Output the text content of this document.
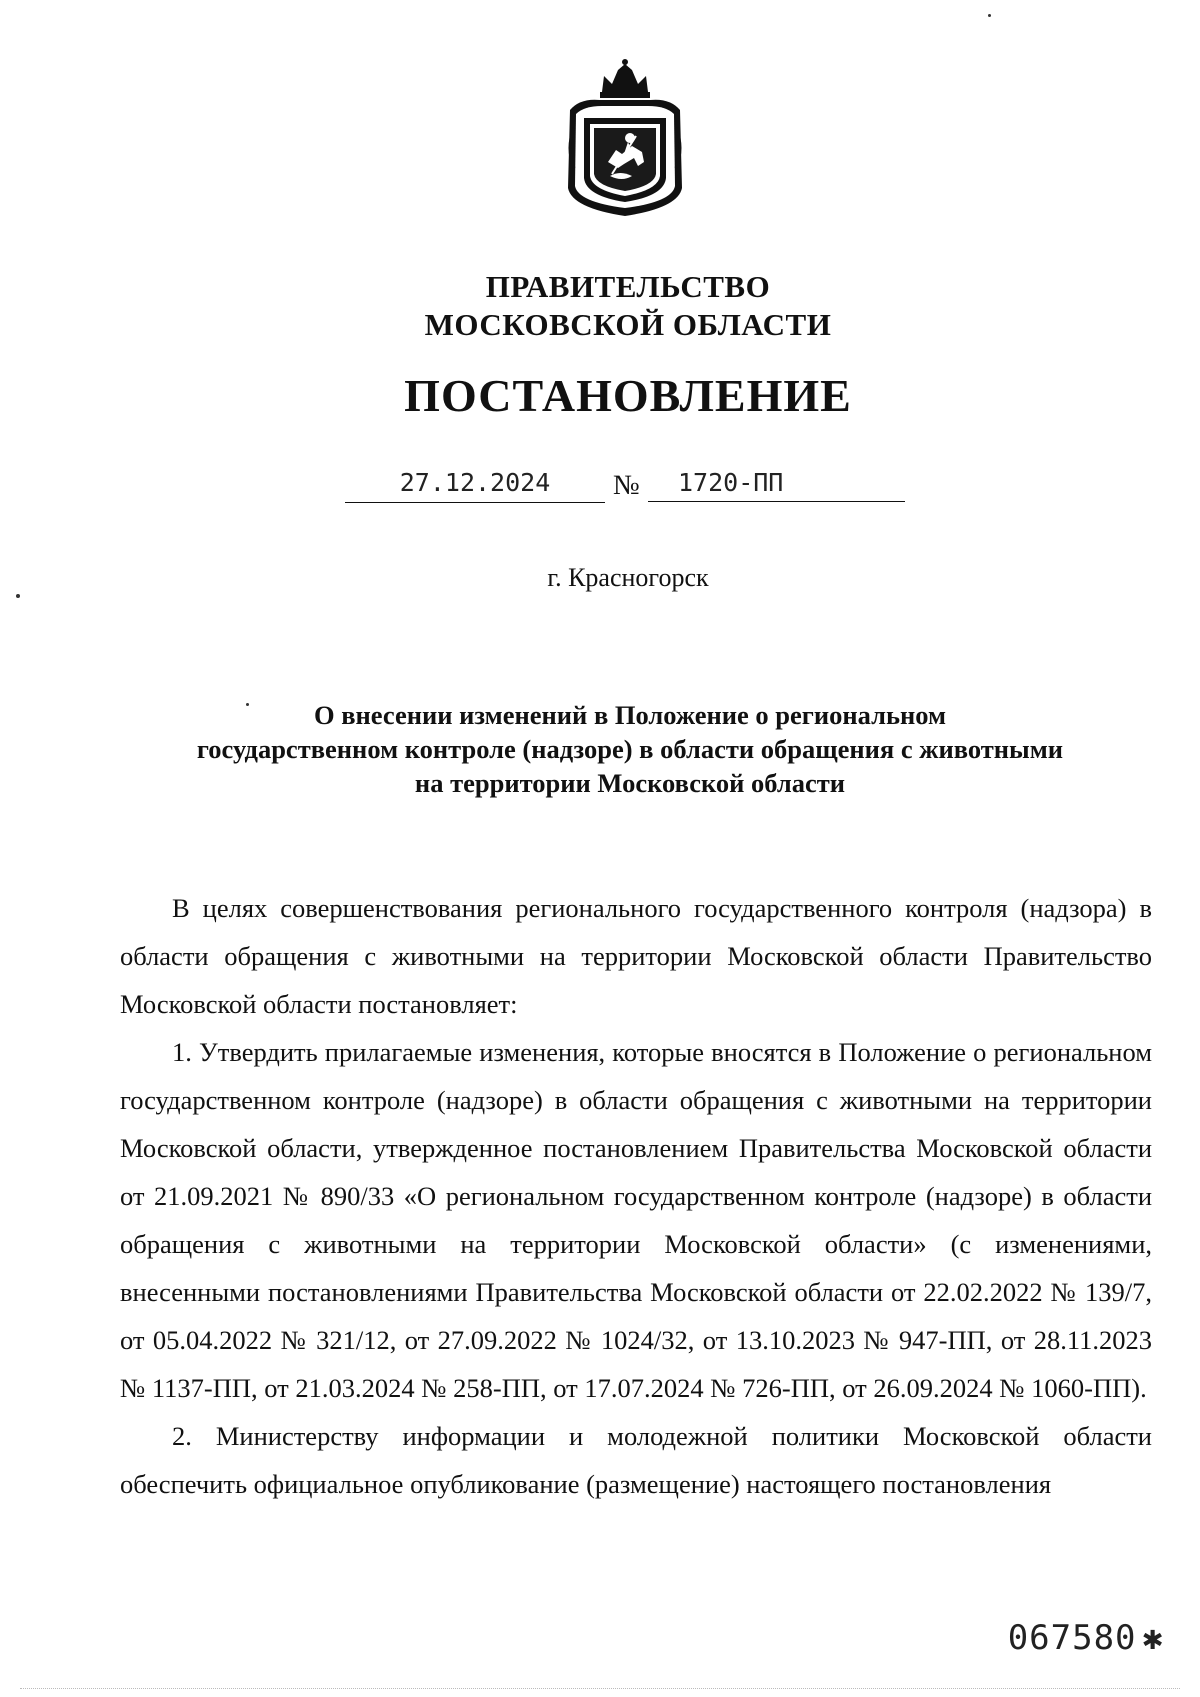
ПРАВИТЕЛЬСТВО
МОСКОВСКОЙ ОБЛАСТИ
ПОСТАНОВЛЕНИЕ
27.12.2024	№	1720-ПП
г. Красногорск
О внесении изменений в Положение о региональном
государственном контроле (надзоре) в области обращения с животными
на территории Московской области

В целях совершенствования регионального государственного контроля (надзора) в области обращения с животными на территории Московской области Правительство Московской области постановляет:

1. Утвердить прилагаемые изменения, которые вносятся в Положение о региональном государственном контроле (надзоре) в области обращения с животными на территории Московской области, утвержденное постановлением Правительства Московской области от 21.09.2021 № 890/33 «О региональном государственном контроле (надзоре) в области обращения с животными на территории Московской области» (с изменениями, внесенными постановлениями Правительства Московской области от 22.02.2022 № 139/7, от 05.04.2022 № 321/12, от 27.09.2022 № 1024/32, от 13.10.2023 № 947-ПП, от 28.11.2023 № 1137-ПП, от 21.03.2024 № 258-ПП, от 17.07.2024 № 726-ПП, от 26.09.2024 № 1060-ПП).

2. Министерству информации и молодежной политики Московской области обеспечить официальное опубликование (размещение) настоящего постановления

067580 ✱
